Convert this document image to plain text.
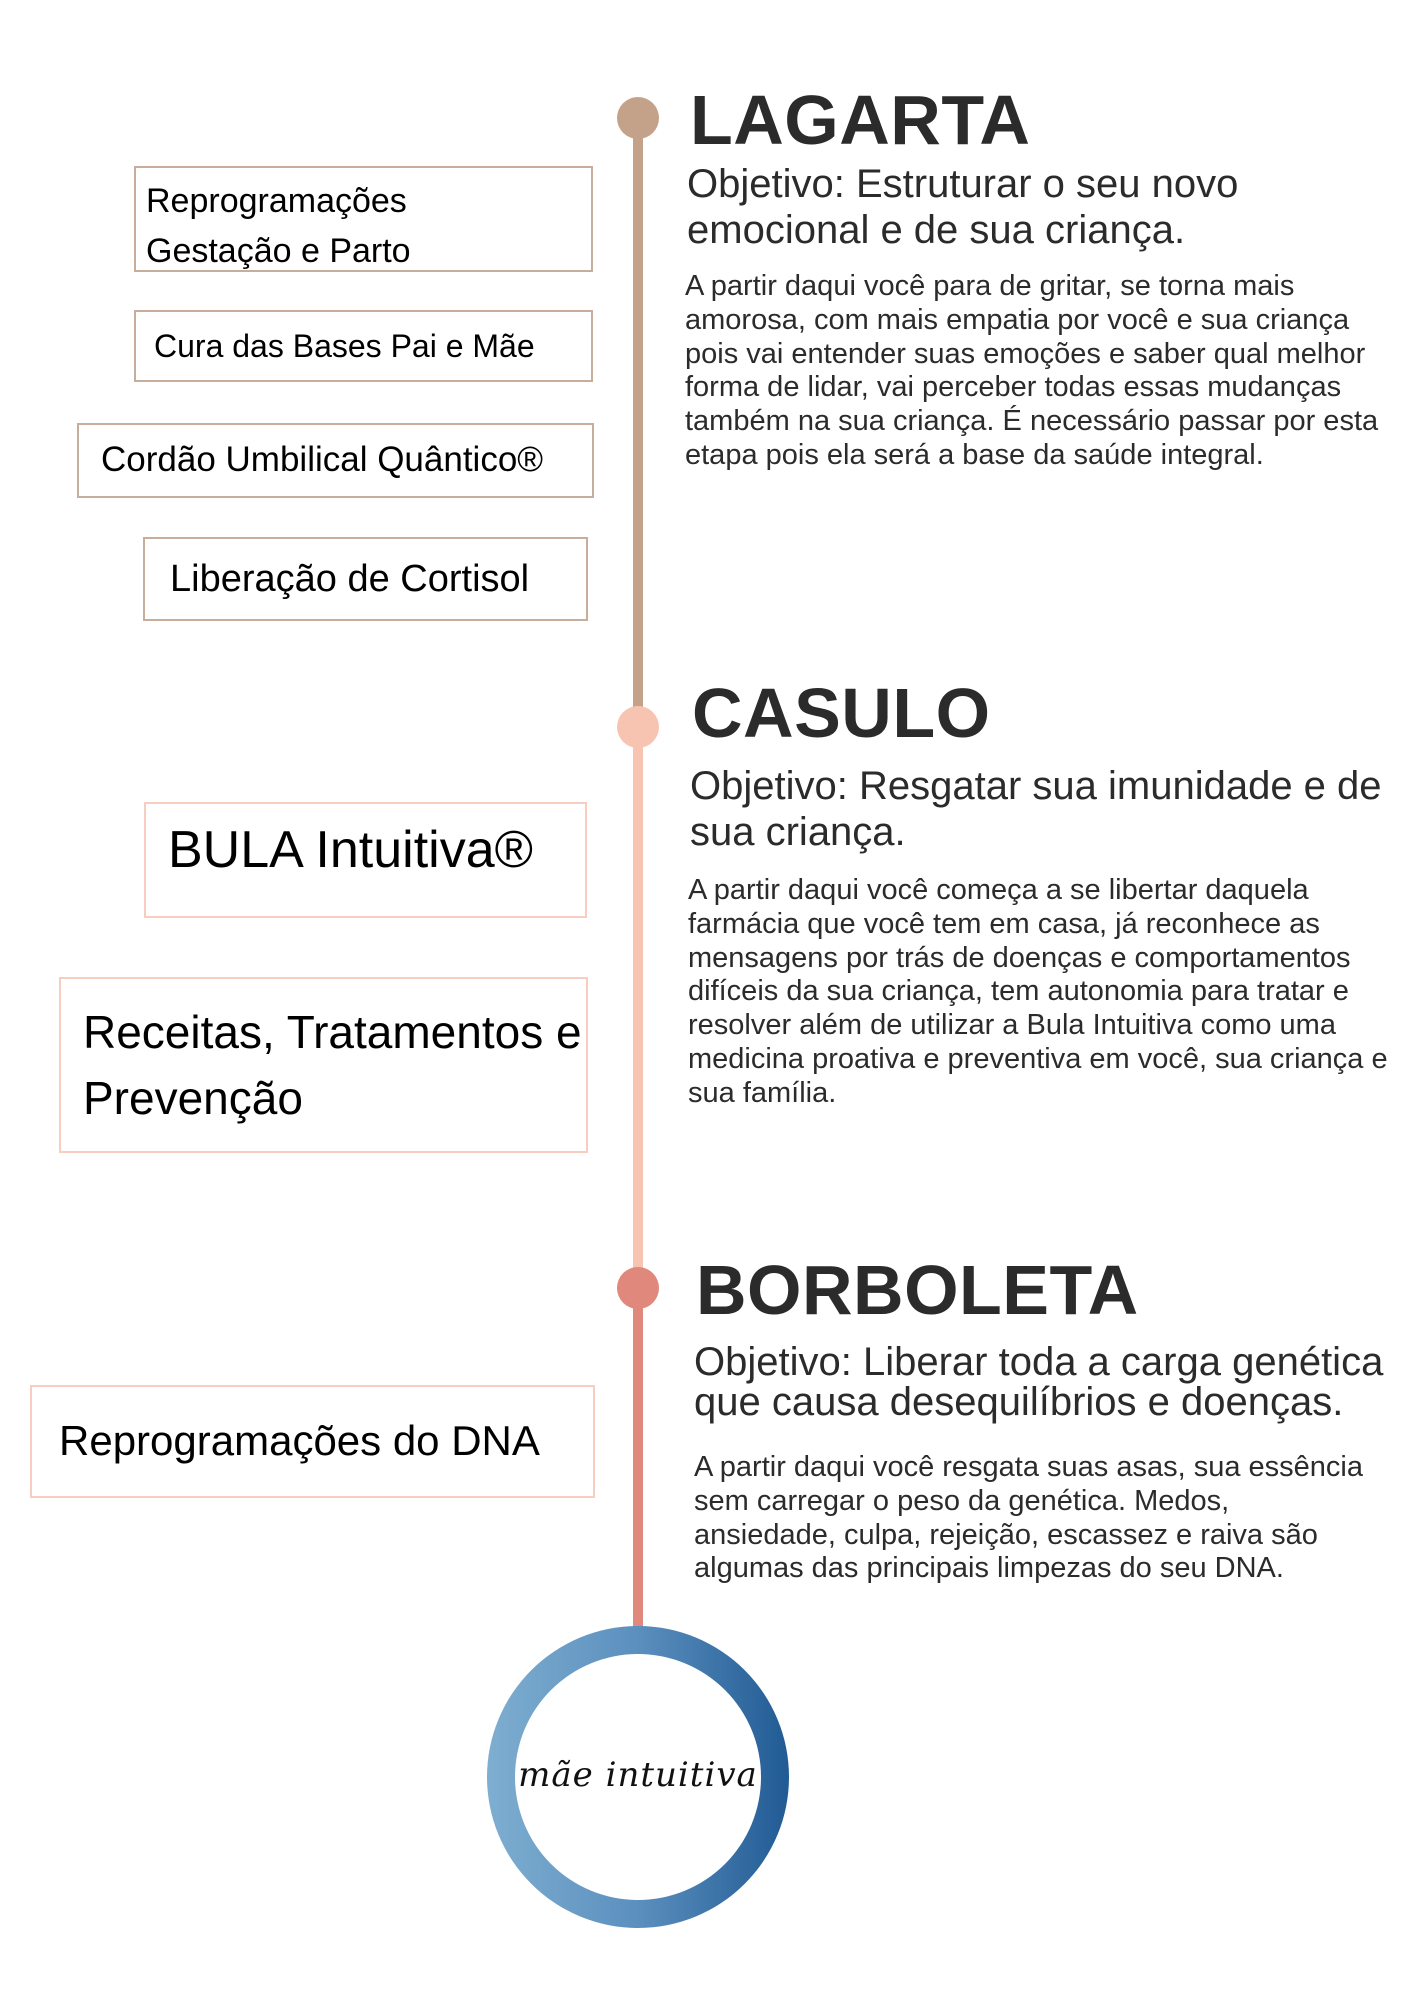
LAGARTA
Objetivo: Estruturar o seu novo emocional e de sua criança.
A partir daqui você para de gritar, se torna mais amorosa, com mais empatia por você e sua criança pois vai entender suas emoções e saber qual melhor forma de lidar, vai perceber todas essas mudanças também na sua criança. É necessário passar por esta etapa pois ela será a base da saúde integral.
Reprogramações Gestação e Parto
Cura das Bases Pai e Mãe
Cordão Umbilical Quântico®
Liberação de Cortisol
CASULO
Objetivo: Resgatar sua imunidade e de sua criança.
A partir daqui você começa a se libertar daquela farmácia que você tem em casa, já reconhece as mensagens por trás de doenças e comportamentos difíceis da sua criança, tem autonomia para tratar e resolver além de utilizar a Bula Intuitiva como uma medicina proativa e preventiva em você, sua criança e sua família.
BULA Intuitiva®
Receitas, Tratamentos e Prevenção
BORBOLETA
Objetivo: Liberar toda a carga genética que causa desequilíbrios e doenças.
A partir daqui você resgata suas asas, sua essência sem carregar o peso da genética. Medos, ansiedade, culpa, rejeição, escassez e raiva são algumas das principais limpezas do seu DNA.
Reprogramações do DNA
mãe intuitiva
